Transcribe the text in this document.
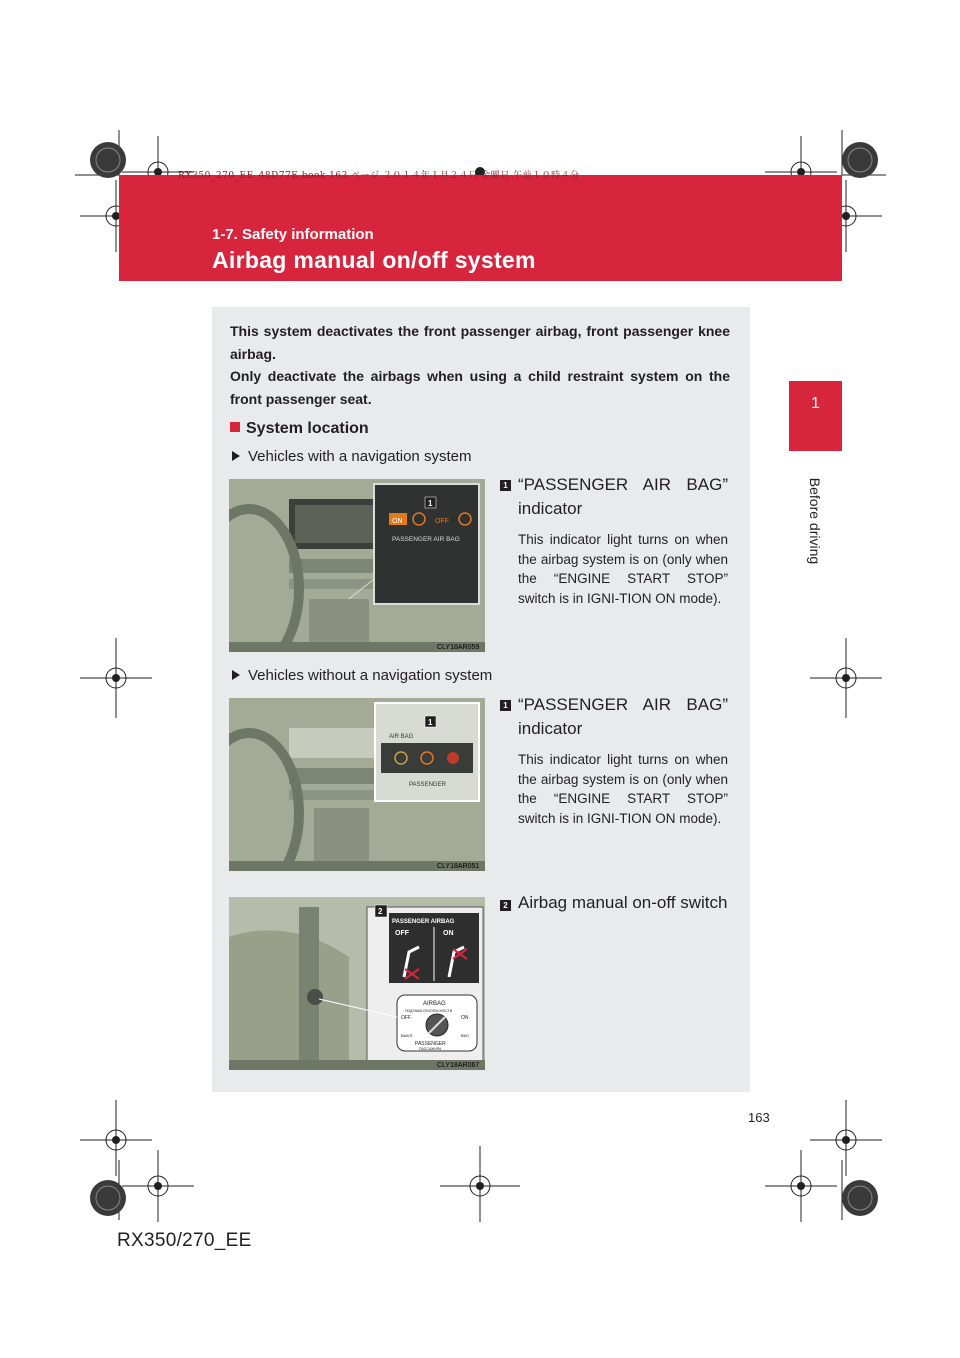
RX350_270_EE_48D77E.book 163 ページ ２０１４年１月２４日 金曜日 午前１０時４分
1-7. Safety information
Airbag manual on/off system
1
Before driving
This system deactivates the front passenger airbag, front passenger knee airbag.
Only deactivate the airbags when using a child restraint system on the front passenger seat.
System location
Vehicles with a navigation system
ON	OFF
PASSENGER AIR BAG
1
CLY18AR059
1 “PASSENGER AIR BAG” indicator
This indicator light turns on when the airbag system is on (only when the “ENGINE START STOP” switch is in IGNI-TION ON mode).
Vehicles without a navigation system
AIR BAG
PASSENGER
1
CLY18AR051
1 “PASSENGER AIR BAG” indicator
This indicator light turns on when the airbag system is on (only when the “ENGINE START STOP” switch is in IGNI-TION ON mode).
PASSENGER AIRBAG
OFF	ON
AIRBAG
ПОДУШКА БЕЗОПАСНОСТИ
OFF	ON
ВЫКЛ	ВКЛ
PASSENGER
ПАССАЖИРА
2
CLY18AR067
2 Airbag manual on-off switch
163
RX350/270_EE
